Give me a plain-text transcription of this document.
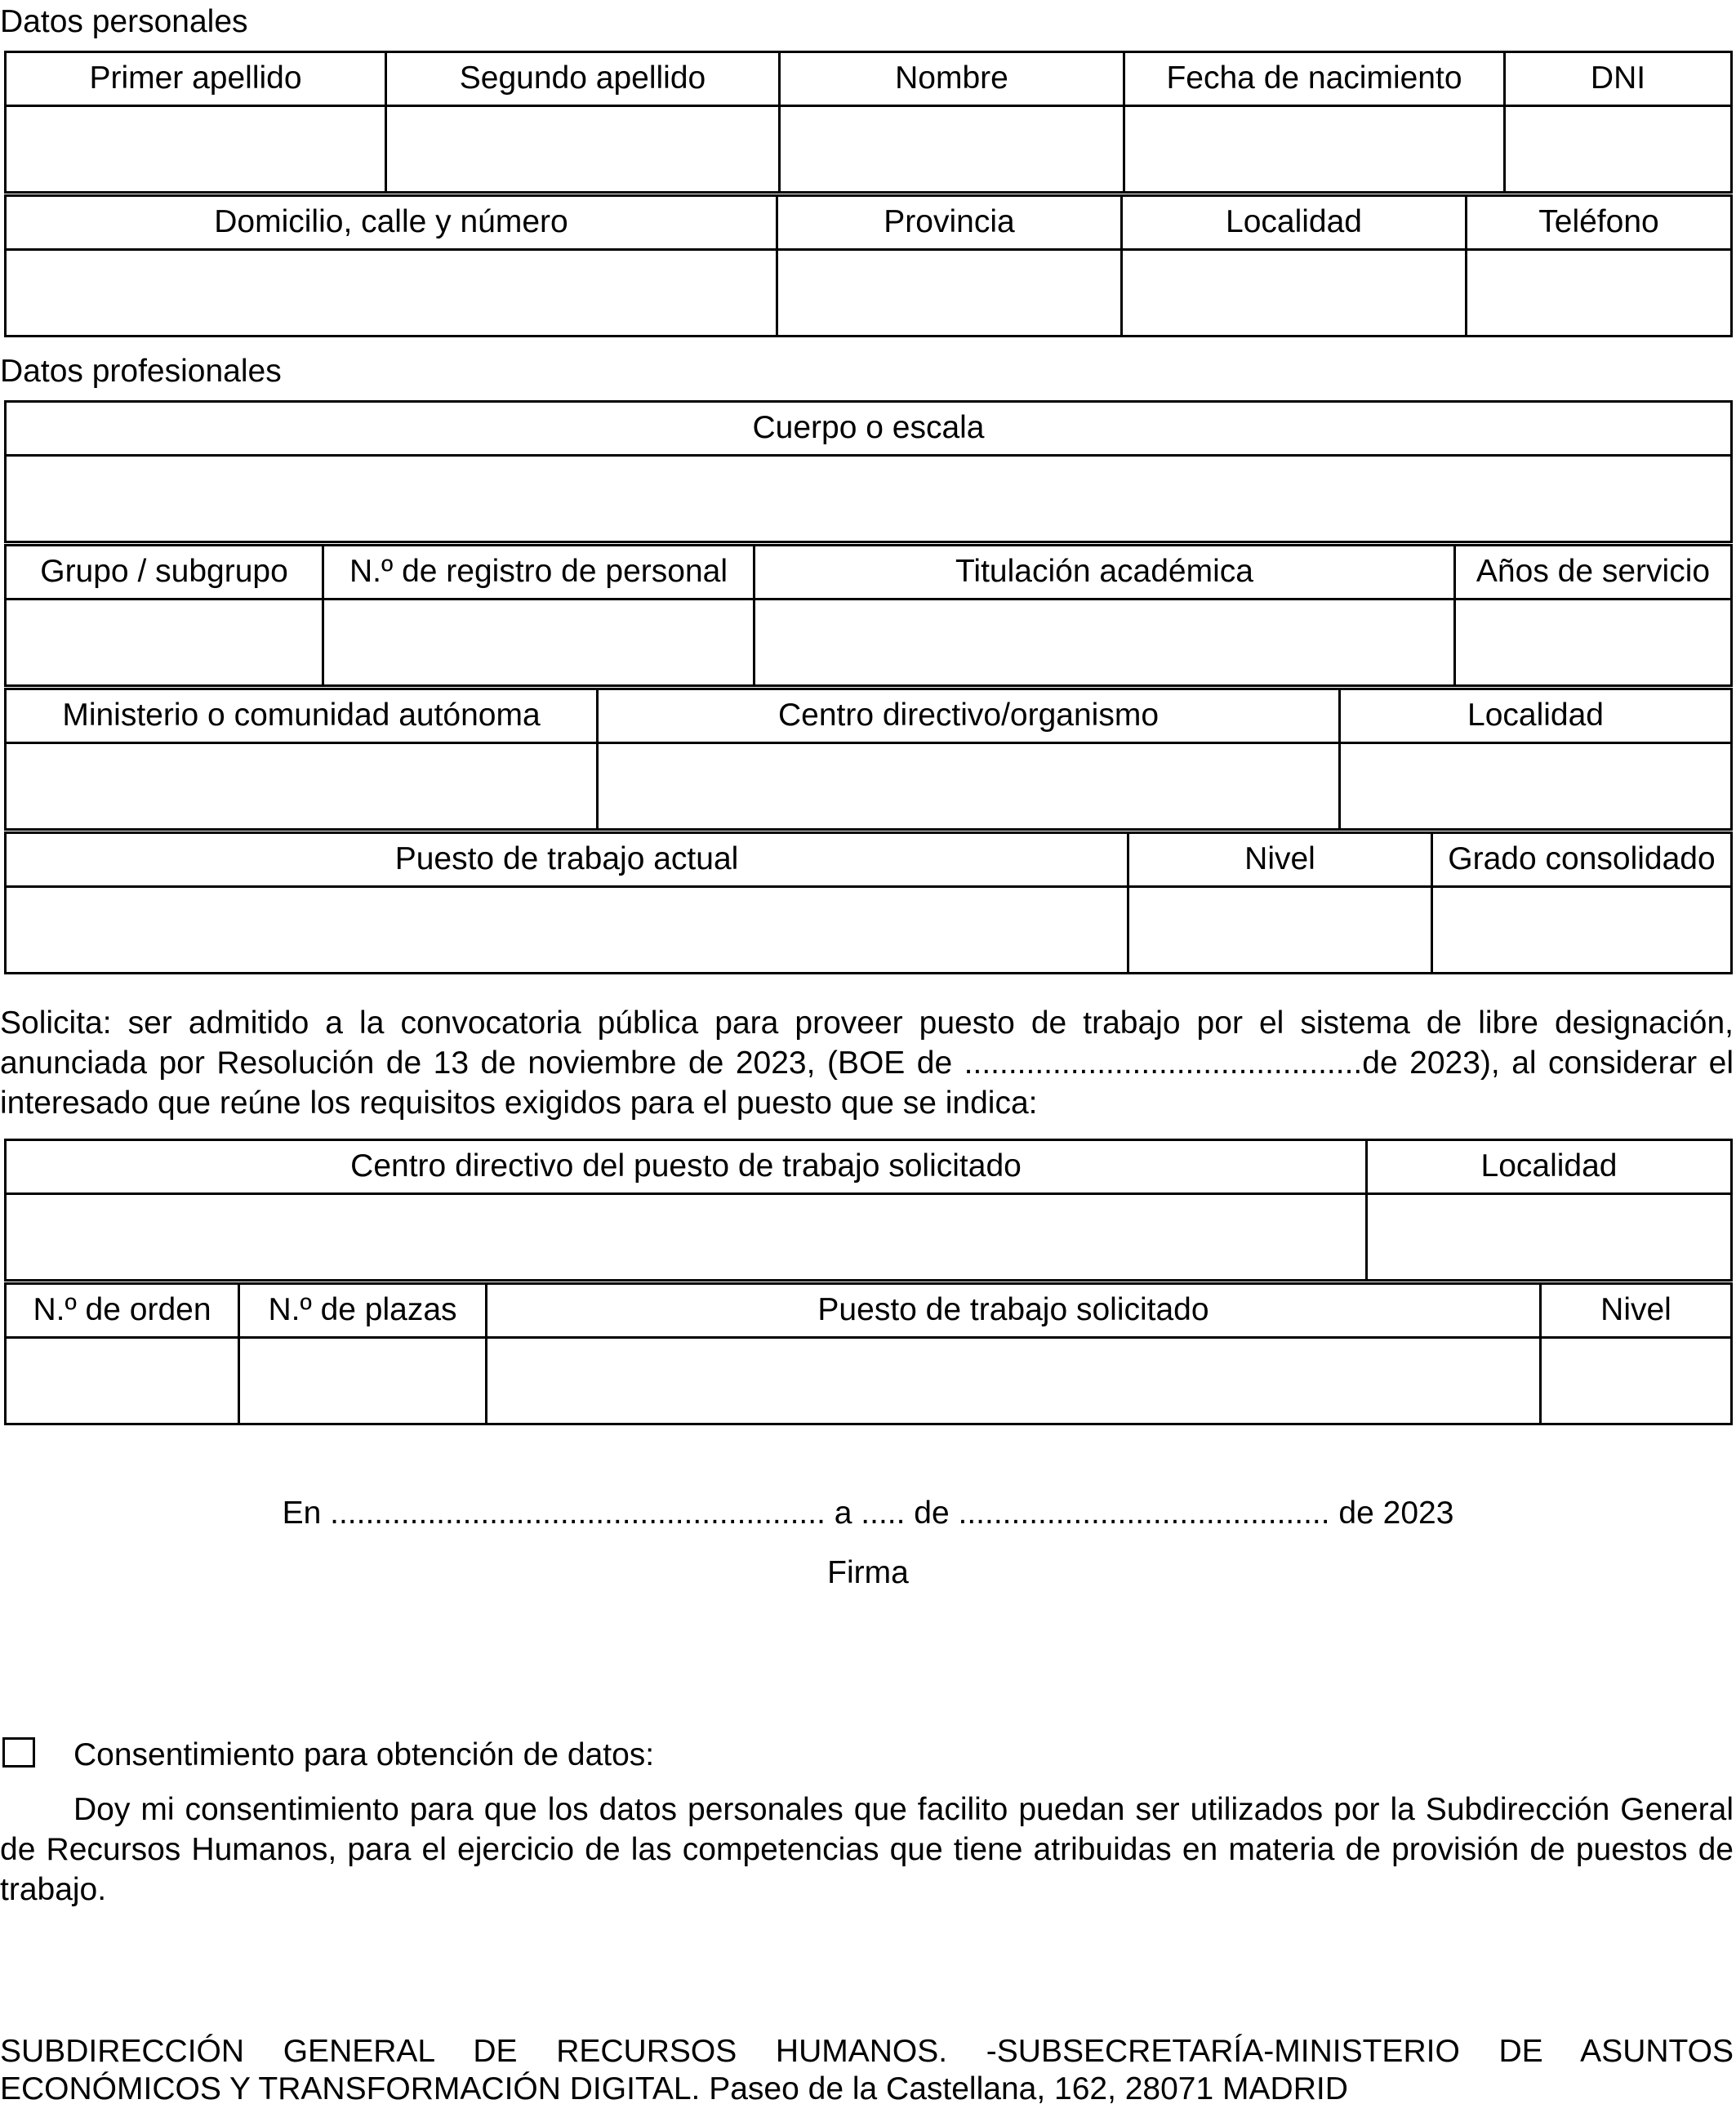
Datos personales
Primer apellido	Segundo apellido	Nombre	Fecha de nacimiento	DNI

Domicilio, calle y número	Provincia	Localidad	Teléfono

Datos profesionales
Cuerpo o escala

Grupo / subgrupo	N.º de registro de personal	Titulación académica	Años de servicio

Ministerio o comunidad autónoma	Centro directivo/organismo	Localidad

Puesto de trabajo actual	Nivel	Grado consolidado

Solicita: ser admitido a la convocatoria pública para proveer puesto de trabajo por el sistema de libre designación, anunciada por Resolución de 13 de noviembre de 2023, (BOE de .............................................de 2023), al considerar el interesado que reúne los requisitos exigidos para el puesto que se indica:
Centro directivo del puesto de trabajo solicitado	Localidad

N.º de orden	N.º de plazas	Puesto de trabajo solicitado	Nivel

En ........................................................ a ..... de .......................................... de 2023
Firma
Consentimiento para obtención de datos:
Doy mi consentimiento para que los datos personales que facilito puedan ser utilizados por la Subdirección General de Recursos Humanos, para el ejercicio de las competencias que tiene atribuidas en materia de provisión de puestos de trabajo.
SUBDIRECCIÓN GENERAL DE RECURSOS HUMANOS. -SUBSECRETARÍA-MINISTERIO DE ASUNTOS ECONÓMICOS Y TRANSFORMACIÓN DIGITAL. Paseo de la Castellana, 162, 28071 MADRID
